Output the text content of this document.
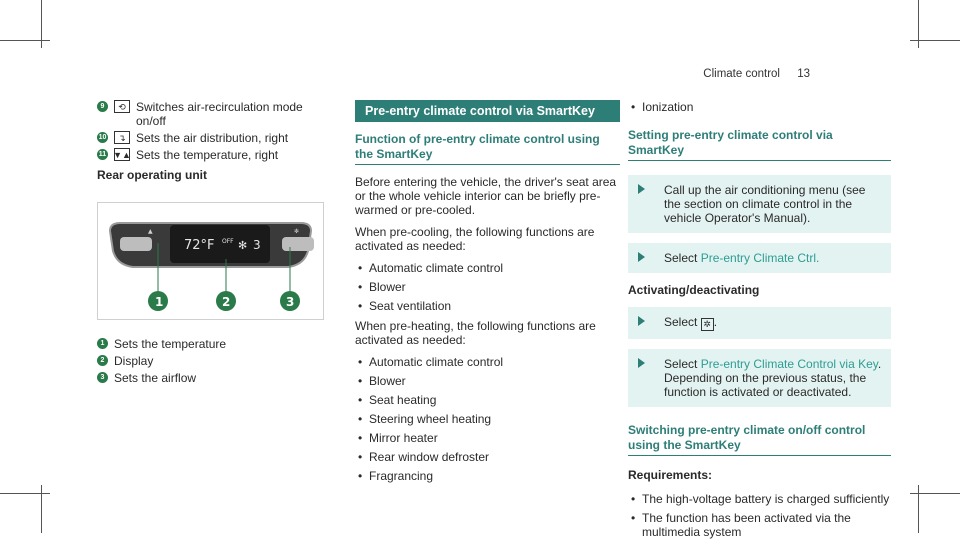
Climate control 13
9	⟲ Switches air-recirculation mode on/off
10	↴ Sets the air distribution, right
11 ▼▲ Sets the temperature, right
Rear operating unit
▲
72°F OFF ✻ 3
✻
1	2	3
1 Sets the temperature
2 Display
3 Sets the airflow
Pre-entry climate control via SmartKey
Function of pre-entry climate control using the SmartKey

Before entering the vehicle, the driver's seat area or the whole vehicle interior can be briefly pre-warmed or pre-cooled.

When pre-cooling, the following functions are activated as needed:

• Automatic climate control
• Blower
• Seat ventilation

When pre-heating, the following functions are activated as needed:

• Automatic climate control
• Blower
• Seat heating
• Steering wheel heating
• Mirror heater
• Rear window defroster
• Fragrancing
• Ionization
Setting pre-entry climate control via SmartKey
Call up the air conditioning menu (see the section on climate control in the vehicle Operator's Manual).
Select Pre-entry Climate Ctrl.
Activating/deactivating
Select ✲ .
Select Pre-entry Climate Control via Key. Depending on the previous status, the function is activated or deactivated.
Switching pre-entry climate on/off control using the SmartKey
Requirements:
• The high-voltage battery is charged sufficiently
• The function has been activated via the multimedia system
